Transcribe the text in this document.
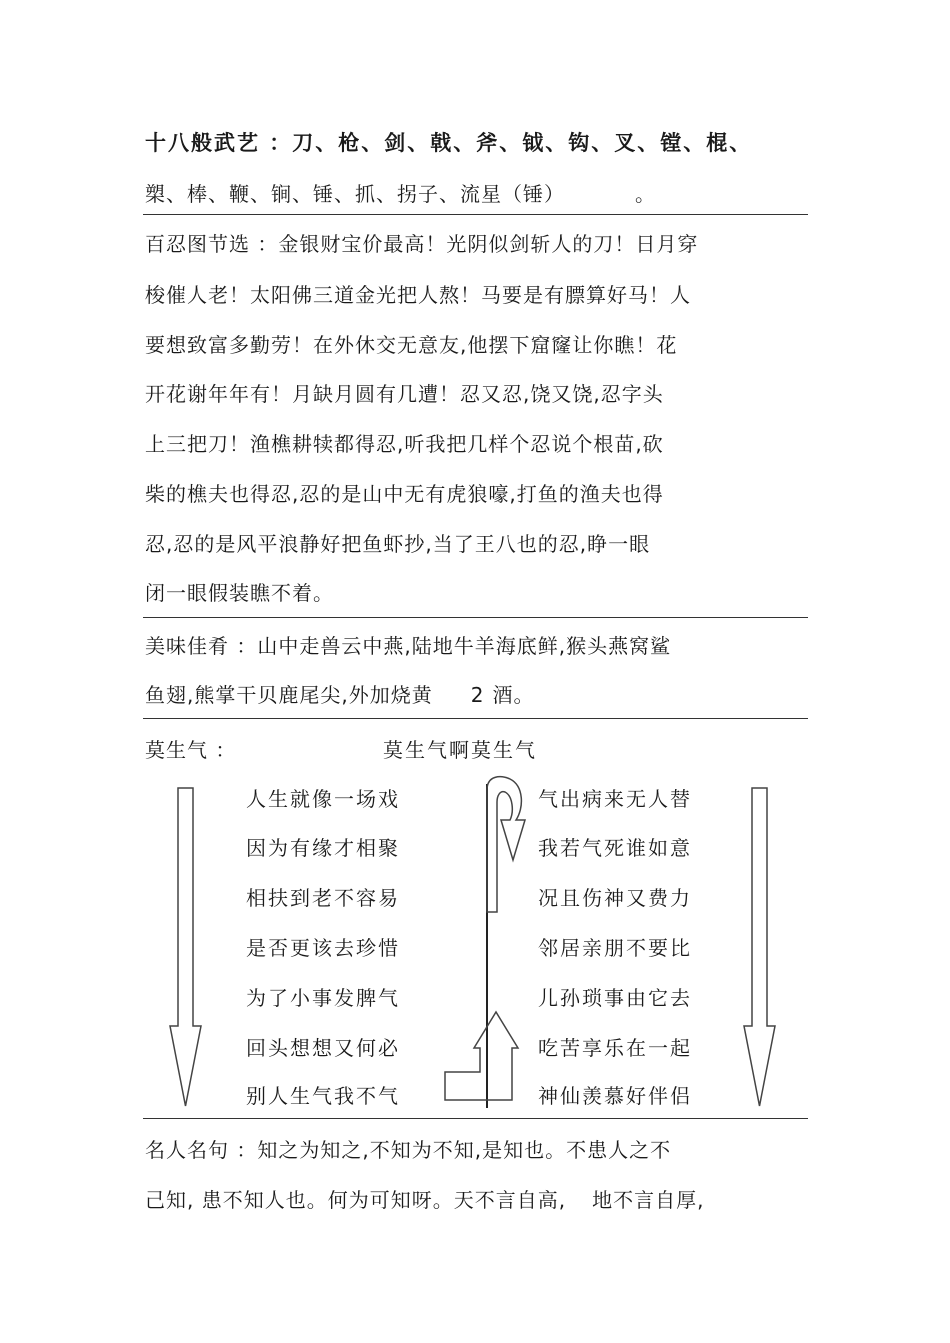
十八般武艺 ：刀、枪、剑、戟、斧、钺、钩、叉、镗、棍、
槊、棒、鞭、锏、锤、抓、拐子、流星（锤）	。
百忍图节选 ：金银财宝价最高！光阴似剑斩人的刀！日月穿
梭催人老！太阳佛三道金光把人熬！马要是有膘算好马！人
要想致富多勤劳！在外休交无意友,他摆下窟窿让你瞧！花
开花谢年年有！月缺月圆有几遭！忍又忍,饶又饶,忍字头
上三把刀！渔樵耕犊都得忍,听我把几样个忍说个根苗,砍
柴的樵夫也得忍,忍的是山中无有虎狼嚎,打鱼的渔夫也得
忍,忍的是风平浪静好把鱼虾抄,当了王八也的忍,睁一眼
闭一眼假装瞧不着。
美味佳肴 ：山中走兽云中燕,陆地牛羊海底鲜,猴头燕窝鲨
鱼翅,熊掌干贝鹿尾尖,外加烧黄 2 酒。
莫生气 ：	莫生气啊莫生气
人生就像一场戏
因为有缘才相聚
相扶到老不容易
是否更该去珍惜
为了小事发脾气
回头想想又何必
别人生气我不气
气出病来无人替
我若气死谁如意
况且伤神又费力
邻居亲朋不要比
儿孙琐事由它去
吃苦享乐在一起
神仙羡慕好伴侣
名人名句 ：知之为知之,不知为不知,是知也。不患人之不
己知, 患不知人也。何为可知呀。天不言自高, 地不言自厚,
